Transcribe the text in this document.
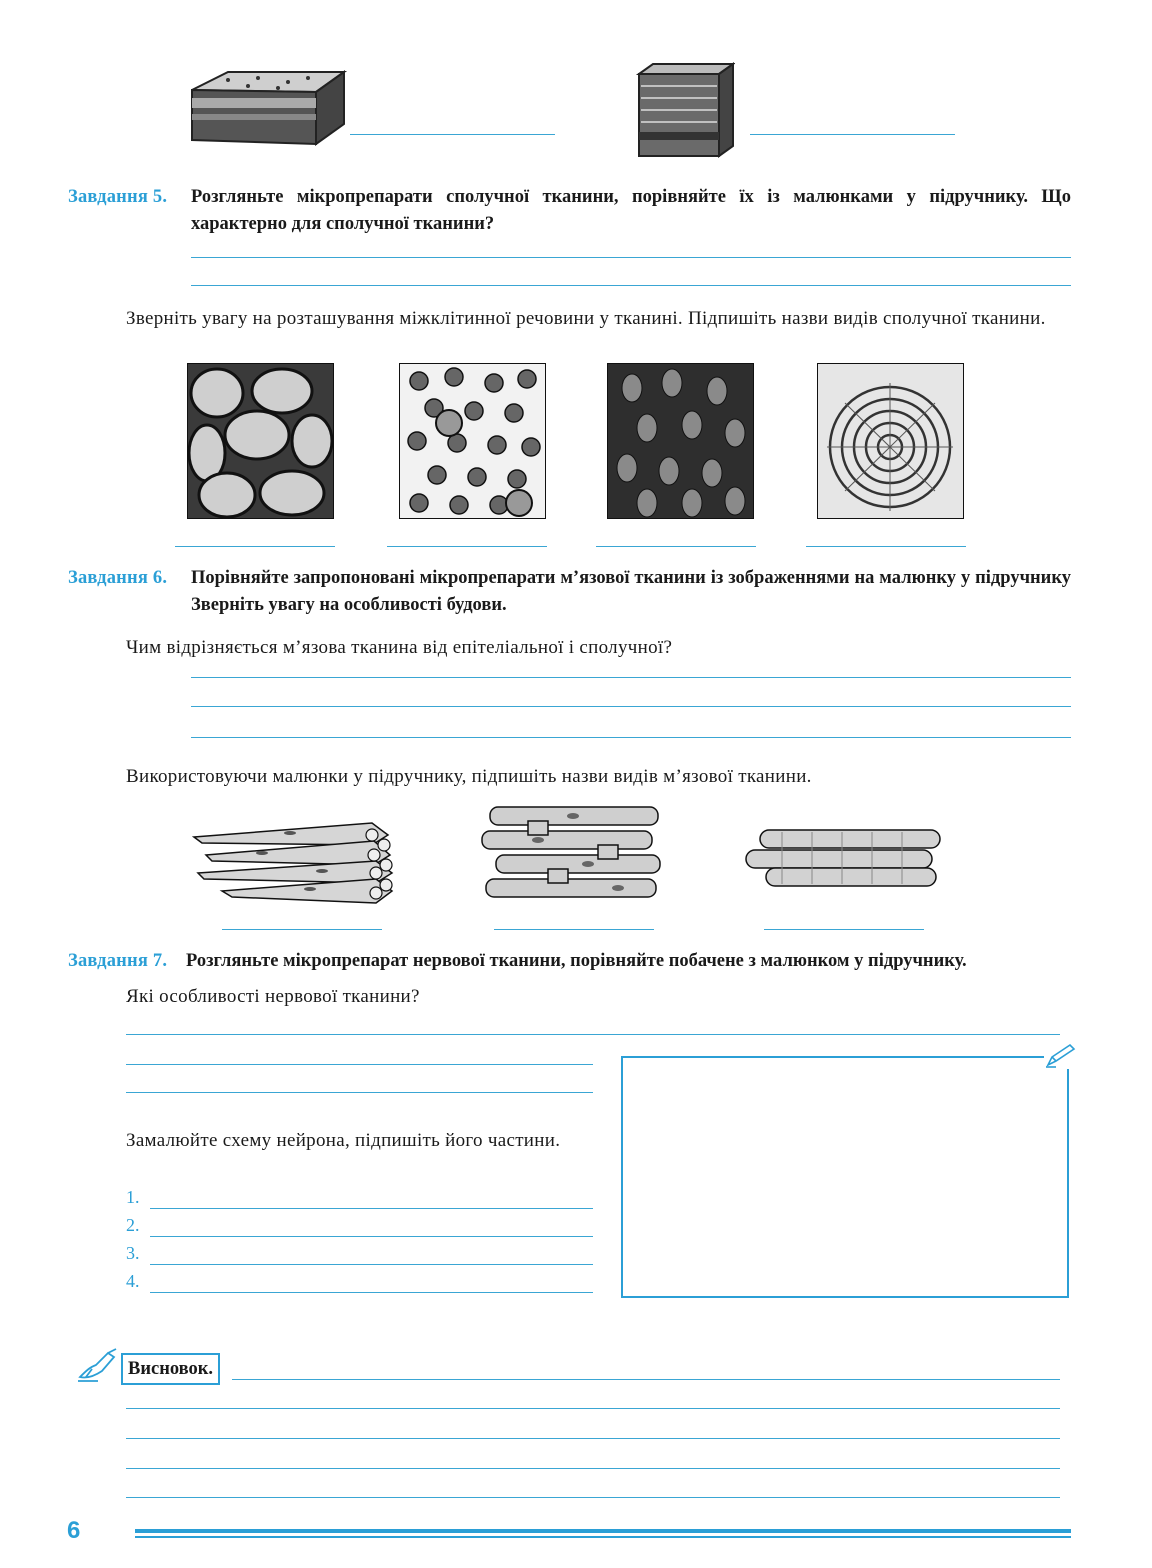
Завдання 5. Розгляньте мікропрепарати сполучної тканини, порівняйте їх із малюнками у підручнику. Що характерно для сполучної тканини?
Зверніть увагу на розташування міжклітинної речовини у тканині. Підпишіть назви видів сполучної тканини.
Завдання 6. Порівняйте запропоновані мікропрепарати м’язової тканини із зображеннями на малюнку у підручнику Зверніть увагу на особливості будови.
Чим відрізняється м’язова тканина від епітеліальної і сполучної?
Використовуючи малюнки у підручнику, підпишіть назви видів м’язової тканини.
Завдання 7. Розгляньте мікропрепарат нервової тканини, порівняйте побачене з малюнком у підручнику.
Які особливості нервової тканини?
Замалюйте схему нейрона, підпишіть його частини.
1.
2.
3.
4.
Висновок.
6
